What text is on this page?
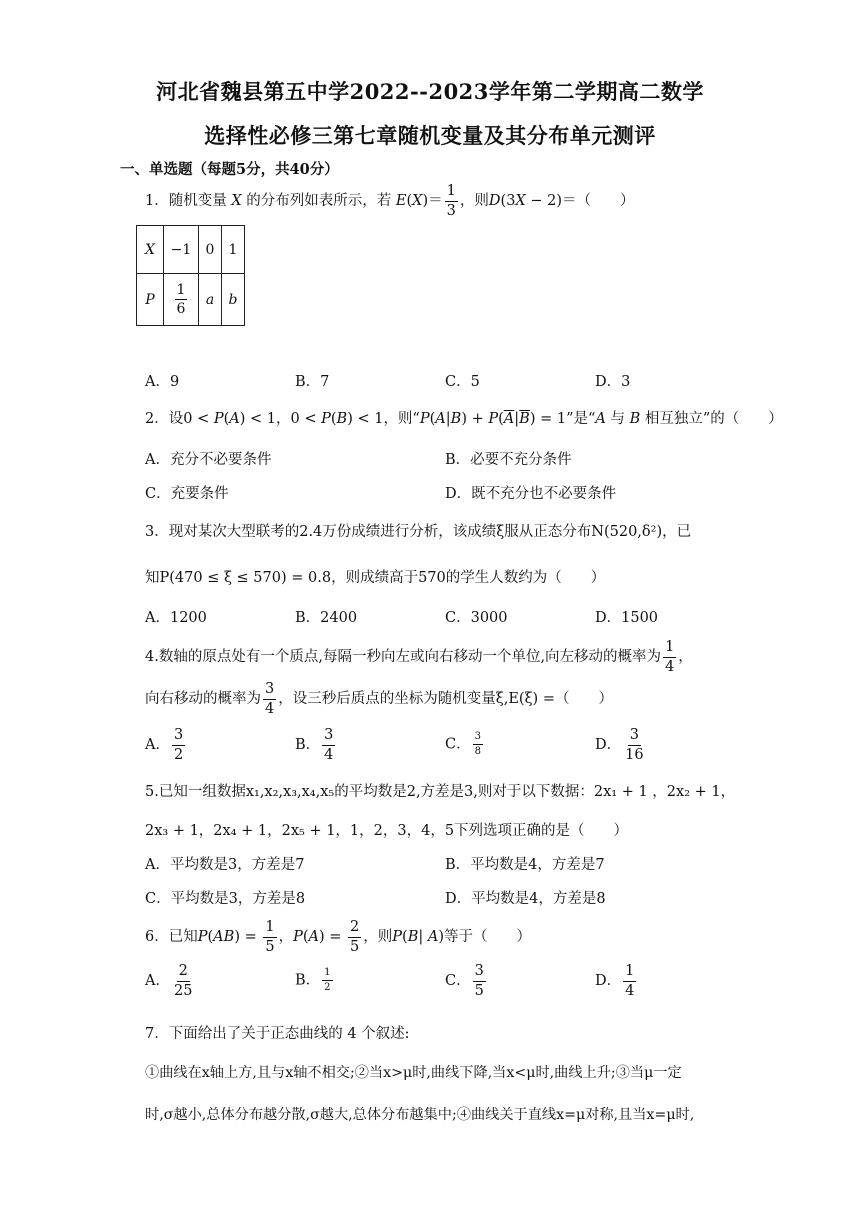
河北省魏县第五中学2022--2023学年第二学期高二数学
选择性必修三第七章随机变量及其分布单元测评
一、单选题（每题5分，共40分）
1．随机变量 X 的分布列如表所示，若 $E(X)= \frac{1}{3}$ ，则D(3X − 2)＝（　　）
X	−1	0	1
P	$\frac{1}{6}$	a	b
A．9	B．7	C．5	D．3
2．设0 < P(A) < 1，0 < P(B) < 1，则“$P(A|B) + P(\overline{A}|\overline{B}) = 1$”是“A 与 B 相互独立”的（　　）
A．充分不必要条件	B．必要不充分条件
C．充要条件	D．既不充分也不必要条件
3．现对某次大型联考的2.4万份成绩进行分析，该成绩ξ服从正态分布N(520,δ²)，已
知P(470 ≤ ξ ≤ 570) = 0.8，则成绩高于570的学生人数约为（　　）
A．1200	B．2400	C．3000	D．1500
4.数轴的原点处有一个质点,每隔一秒向左或向右移动一个单位,向左移动的概率为 $\frac{1}{4}$ ，
向右移动的概率为 $\frac{3}{4}$ ，设三秒后质点的坐标为随机变量ξ,E(ξ) =（　　）
A． $\frac{3}{2}$	B． $\frac{3}{4}$	C． $\frac{3}{8}$	D． $\frac{3}{16}$
5.已知一组数据x₁,x₂,x₃,x₄,x₅的平均数是2,方差是3,则对于以下数据：2x₁ + 1 ，2x₂ + 1，
2x₃ + 1，2x₄ + 1，2x₅ + 1，1，2，3，4，5下列选项正确的是（　　）
A．平均数是3，方差是7	B．平均数是4，方差是7
C．平均数是3，方差是8	D．平均数是4，方差是8
6．已知$P(AB) = \frac{1}{5}$ ，$P(A) = \frac{2}{5}$ ，则P(B| A)等于（　　）
A． $\frac{2}{25}$	B． $\frac{1}{2}$	C． $\frac{3}{5}$	D． $\frac{1}{4}$
7．下面给出了关于正态曲线的 4 个叙述:
①曲线在x轴上方,且与x轴不相交;②当x>μ时,曲线下降,当x<μ时,曲线上升;③当μ一定
时,σ越小,总体分布越分散,σ越大,总体分布越集中;④曲线关于直线x=μ对称,且当x=μ时,
